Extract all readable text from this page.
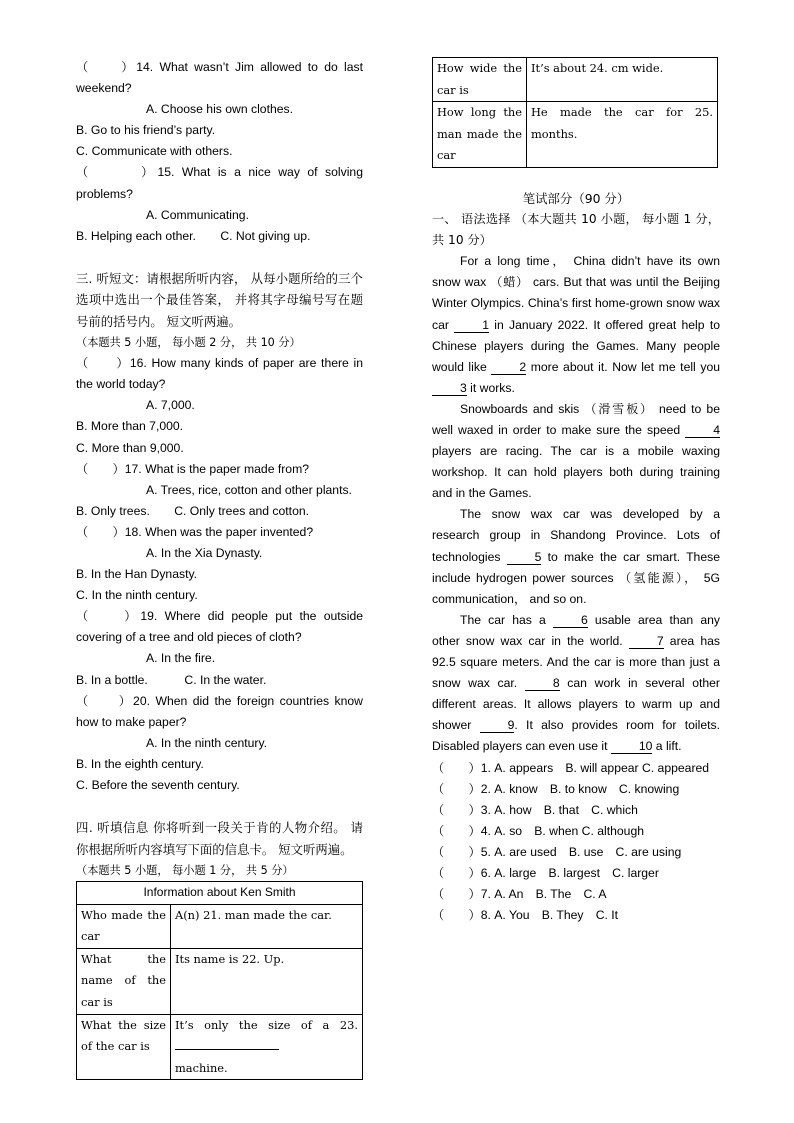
（　　）14. What wasn’t Jim allowed to do last weekend?

A. Choose his own clothes.

B. Go to his friend’s party.

C. Communicate with others.

（　　　）15. What is a nice way of solving problems?

A. Communicating.

B. Helping each other.　　 C. Not giving up.

三. 听短文：请根据所听内容， 从每小题所给的三个选项中选出一个最佳答案， 并将其字母编号写在题号前的括号内。 短文听两遍。

（本题共 5 小题， 每小题 2 分， 共 10 分）

（　　）16. How many kinds of paper are there in the world today?

A. 7,000.

B. More than 7,000.

C. More than 9,000.

（　　）17. What is the paper made from?

A. Trees, rice, cotton and other plants.

B. Only trees.　　 C. Only trees and cotton.

（　　）18. When was the paper invented?

A. In the Xia Dynasty.

B. In the Han Dynasty.

C. In the ninth century.

（　　）19. Where did people put the outside covering of a tree and old pieces of cloth?

A. In the fire.

B. In a bottle.　　　	C. In the water.

（　　）20. When did the foreign countries know how to make paper?

A. In the ninth century.

B. In the eighth century.

C. Before the seventh century.

四. 听填信息 你将听到一段关于肯的人物介绍。 请你根据所听内容填写下面的信息卡。 短文听两遍。

（本题共 5 小题， 每小题 1 分， 共 5 分）

Information about Ken Smith	
Who made the car	A(n) 21. man made the car.
What the name of the car is	Its name is 22. Up.
What the size of the car is	It’s only the size of a 23.
machine.
How wide the car is	It’s about 24. cm wide.
How long the man made the car	He made the car for 25. months.

笔试部分（90 分）

一、 语法选择 （本大题共 10 小题， 每小题 1 分， 共 10 分）

For a long time， China didn’t have its own snow wax （蜡） cars. But that was until the Beijing Winter Olympics. China’s first home-grown snow wax car 1 in January 2022. It offered great help to Chinese players during the Games. Many people would like 2 more about it. Now let me tell you 3 it works.

Snowboards and skis （滑雪板） need to be well waxed in order to make sure the speed 4 players are racing. The car is a mobile waxing workshop. It can hold players both during training and in the Games.

The snow wax car was developed by a research group in Shandong Province. Lots of technologies 5 to make the car smart. These include hydrogen power sources （氢能源）， 5G communication， and so on.

The car has a 6 usable area than any other snow wax car in the world. 7 area has 92.5 square meters. And the car is more than just a snow wax car. 8 can work in several other different areas. It allows players to warm up and shower 9. It also provides room for toilets. Disabled players can even use it 10 a lift.

（　　）1. A. appears　B. will appear C. appeared

（　　）2. A. know　B. to know　C. knowing

（　　）3. A. how　B. that　C. which

（　　）4. A. so　B. when C. although

（　　）5. A. are used　B. use　C. are using

（　　）6. A. large　B. largest　C. larger

（　　）7. A. An　B. The　C. A

（　　）8. A. You　B. They　C. It
